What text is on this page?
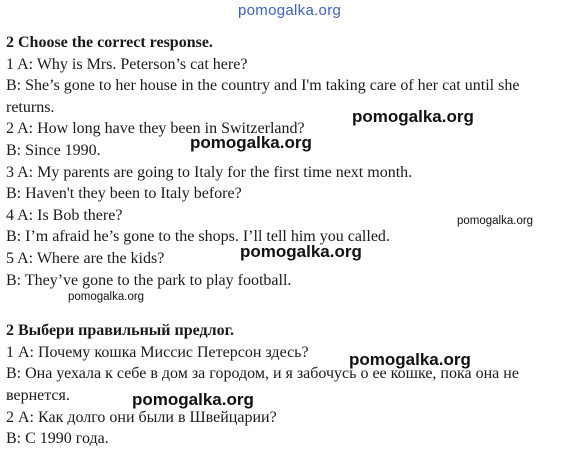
pomogalka.org
2 Choose the correct response.
1 A: Why is Mrs. Peterson’s cat here?
B: She’s gone to her house in the country and I'm taking care of her cat until she
returns.
2 A: How long have they been in Switzerland?
B: Since 1990.
3 A: My parents are going to Italy for the first time next month.
B: Haven't they been to Italy before?
4 A: Is Bob there?
B: I’m afraid he’s gone to the shops. I’ll tell him you called.
5 A: Where are the kids?
B: They’ve gone to the park to play football.
2 Выбери правильный предлог.
1 А: Почему кошка Миссис Петерсон здесь?
В: Она уехала к себе в дом за городом, и я забочусь о ее кошке, пока она не
вернется.
2 А: Как долго они были в Швейцарии?
В: С 1990 года.
pomogalka.org
pomogalka.org
pomogalka.org
pomogalka.org
pomogalka.org
pomogalka.org
pomogalka.org
